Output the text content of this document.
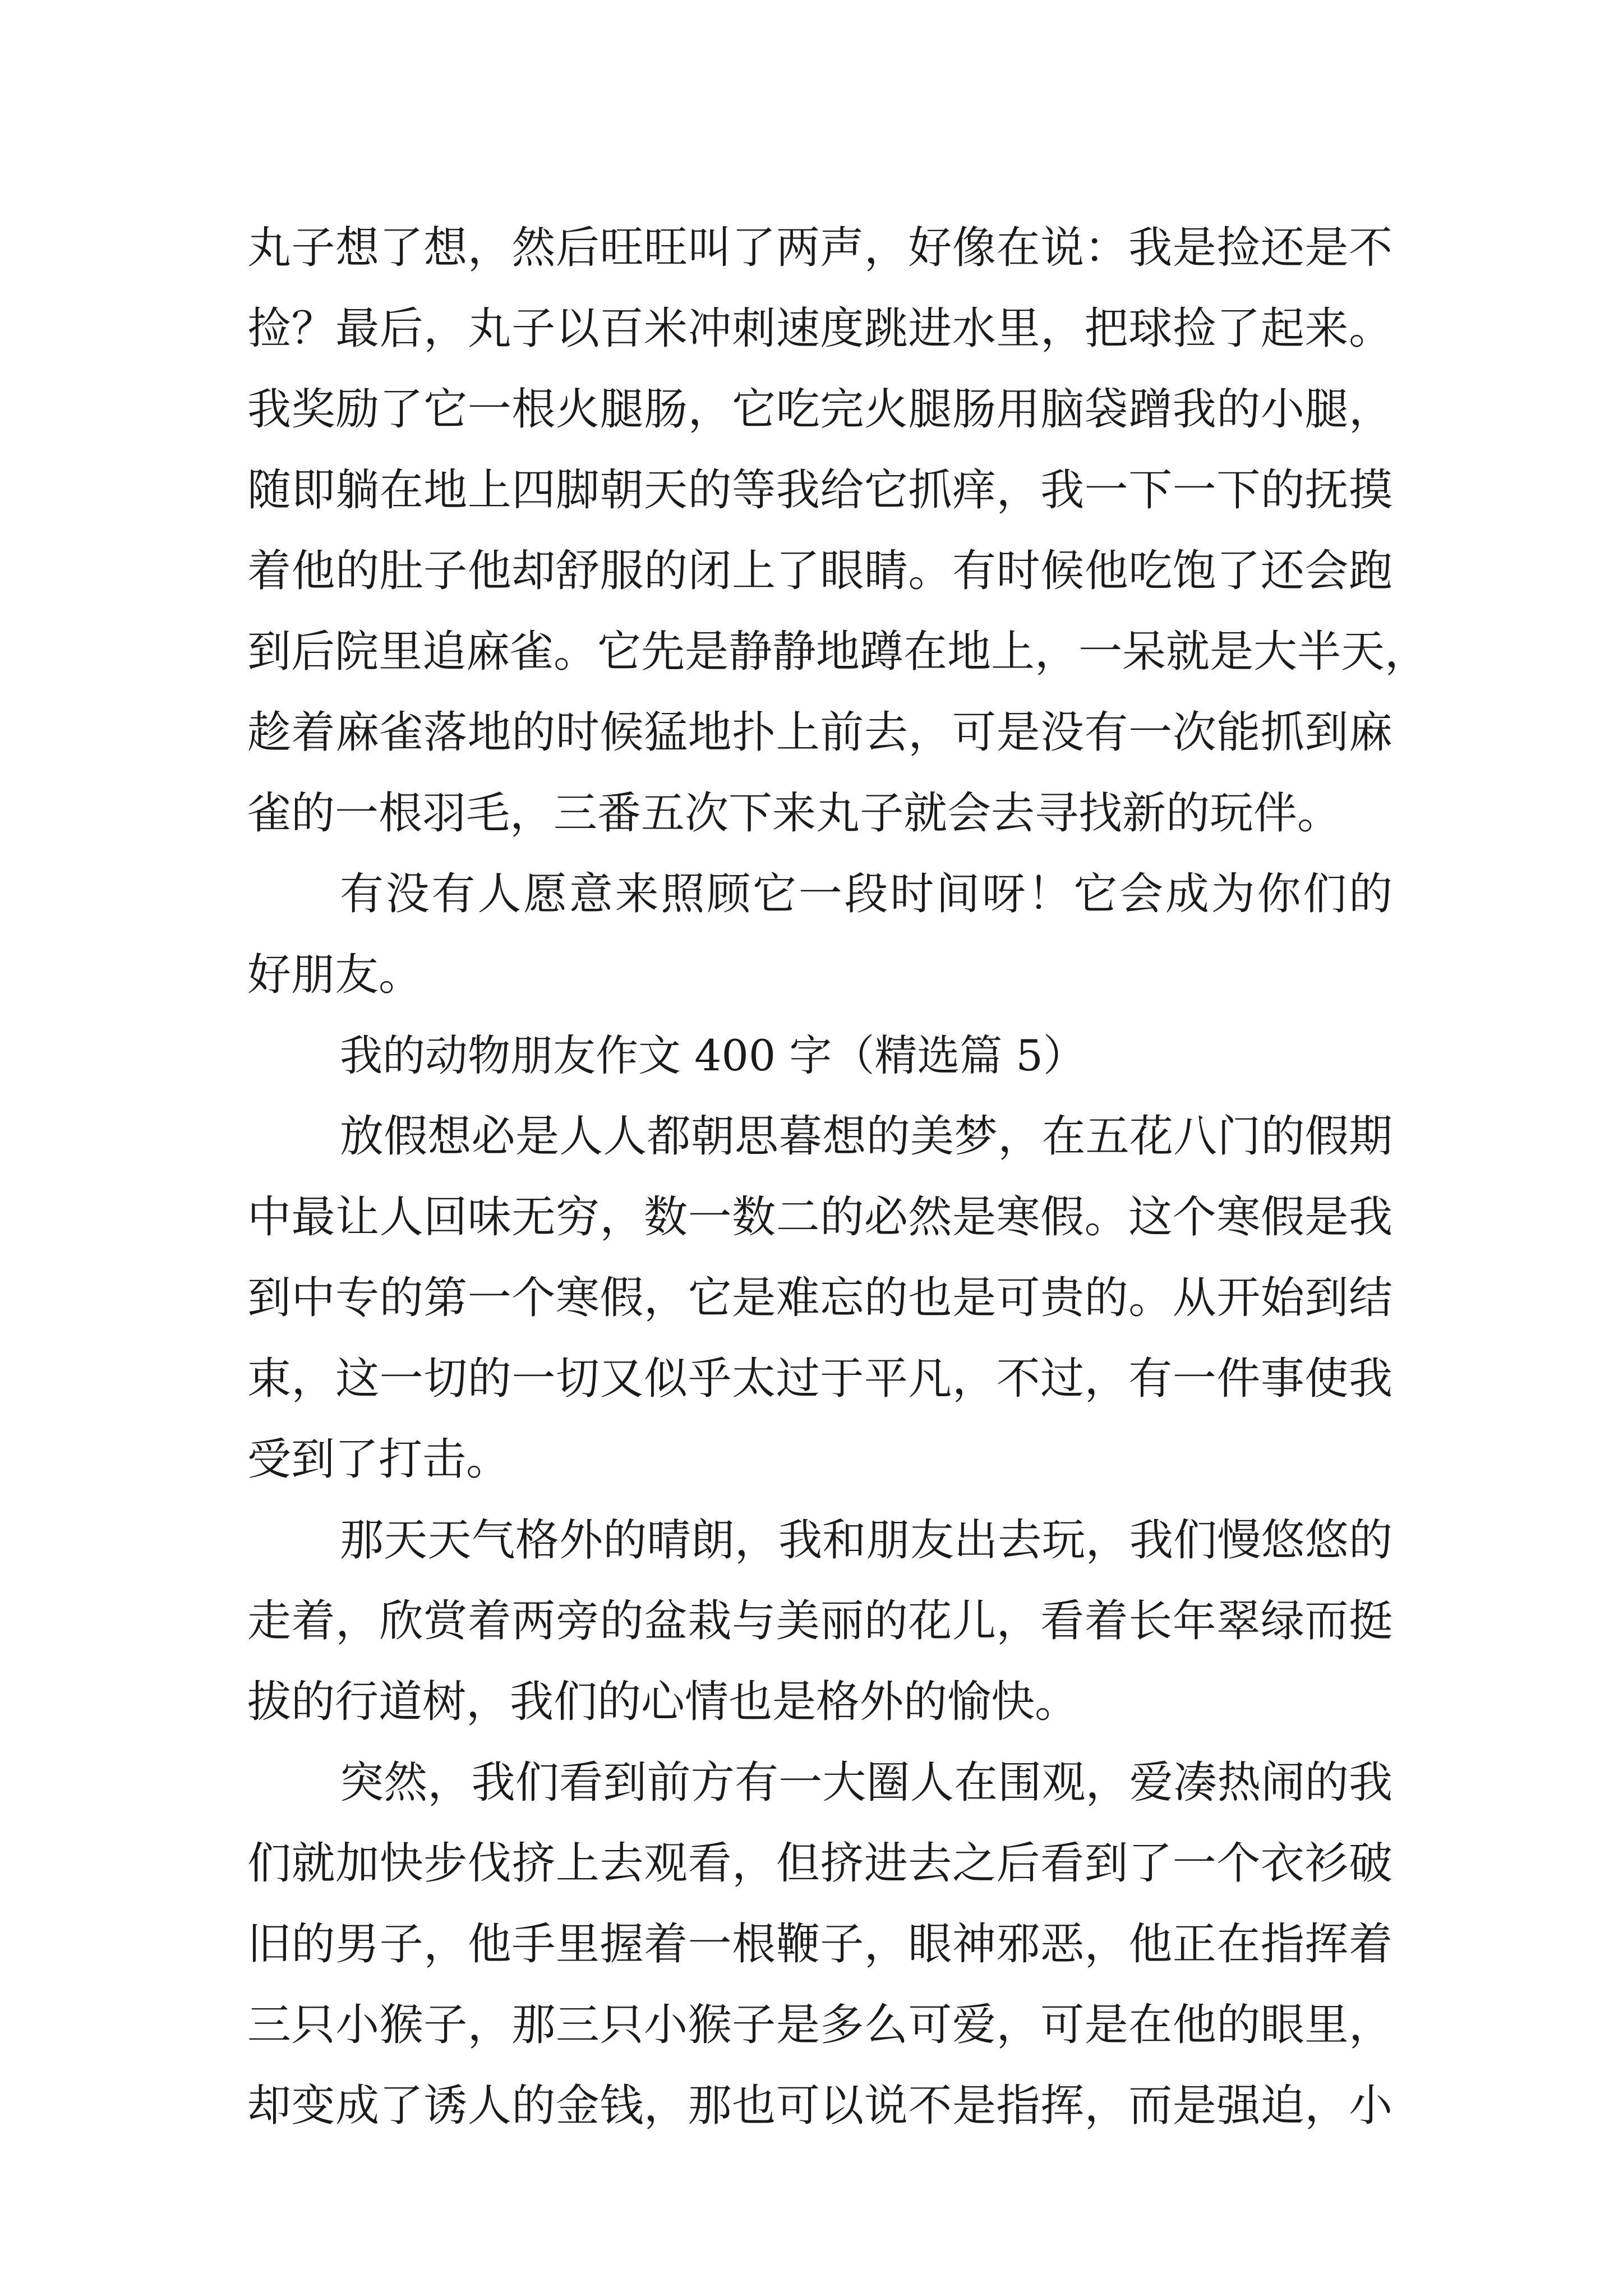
丸子想了想，然后旺旺叫了两声，好像在说：我是捡还是不
捡？最后，丸子以百米冲刺速度跳进水里，把球捡了起来。
我奖励了它一根火腿肠，它吃完火腿肠用脑袋蹭我的小腿，
随即躺在地上四脚朝天的等我给它抓痒，我一下一下的抚摸
着他的肚子他却舒服的闭上了眼睛。有时候他吃饱了还会跑
到后院里追麻雀。它先是静静地蹲在地上，一呆就是大半天，
趁着麻雀落地的时候猛地扑上前去，可是没有一次能抓到麻
雀的一根羽毛，三番五次下来丸子就会去寻找新的玩伴。
有没有人愿意来照顾它一段时间呀！它会成为你们的
好朋友。
我的动物朋友作文 400 字（精选篇 5）
放假想必是人人都朝思暮想的美梦，在五花八门的假期
中最让人回味无穷，数一数二的必然是寒假。这个寒假是我
到中专的第一个寒假，它是难忘的也是可贵的。从开始到结
束，这一切的一切又似乎太过于平凡，不过，有一件事使我
受到了打击。
那天天气格外的晴朗，我和朋友出去玩，我们慢悠悠的
走着，欣赏着两旁的盆栽与美丽的花儿，看着长年翠绿而挺
拔的行道树，我们的心情也是格外的愉快。
突然，我们看到前方有一大圈人在围观，爱凑热闹的我
们就加快步伐挤上去观看，但挤进去之后看到了一个衣衫破
旧的男子，他手里握着一根鞭子，眼神邪恶，他正在指挥着
三只小猴子，那三只小猴子是多么可爱，可是在他的眼里，
却变成了诱人的金钱，那也可以说不是指挥，而是强迫，小
